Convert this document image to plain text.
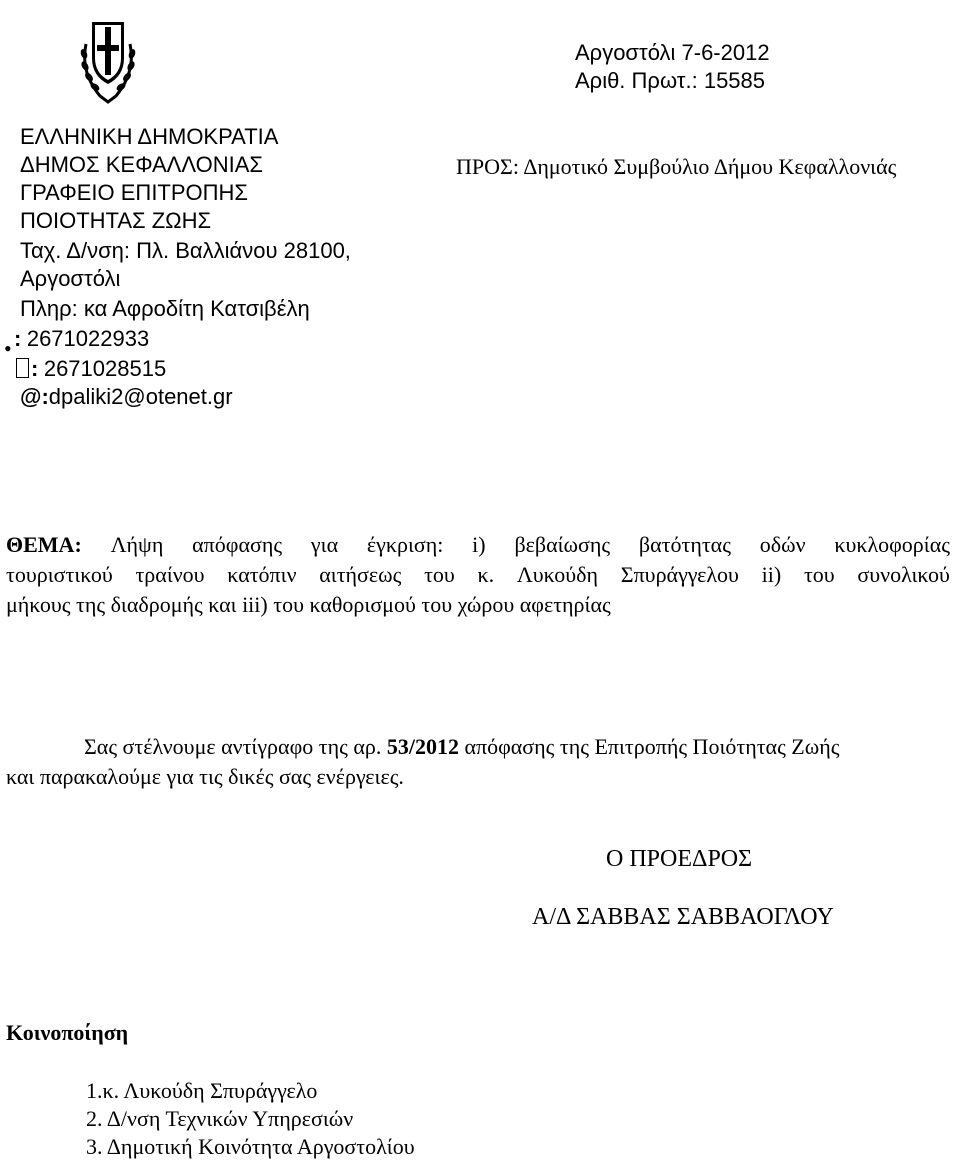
Αργοστόλι 7-6-2012
Αριθ. Πρωτ.: 15585
ΕΛΛΗΝΙΚΗ ΔΗΜΟΚΡΑΤΙΑ
ΔΗΜΟΣ ΚΕΦΑΛΛΟΝΙΑΣ
ΓΡΑΦΕΙΟ ΕΠΙΤΡΟΠΗΣ
ΠΟΙΟΤΗΤΑΣ ΖΩΗΣ
Ταχ. Δ/νση: Πλ. Βαλλιάνου 28100,
Αργοστόλι
Πληρ: κα Αφροδίτη Κατσιβέλη
• : 2671022933
: 2671028515
@:dpaliki2@otenet.gr
ΠΡΟΣ: Δημοτικό Συμβούλιο Δήμου Κεφαλλονιάς
ΘΕΜΑ: Λήψη απόφασης για έγκριση: i) βεβαίωσης βατότητας οδών κυκλοφορίας
τουριστικού τραίνου κατόπιν αιτήσεως του κ. Λυκούδη Σπυράγγελου ii) του συνολικού
μήκους της διαδρομής και iii) του καθορισμού του χώρου αφετηρίας
Σας στέλνουμε αντίγραφο της αρ. 53/2012 απόφασης της Επιτροπής Ποιότητας Ζωής
και παρακαλούμε για τις δικές σας ενέργειες.
Ο ΠΡΟΕΔΡΟΣ
Α/Δ ΣΑΒΒΑΣ ΣΑΒΒΑΟΓΛΟΥ
Κοινοποίηση
1.κ. Λυκούδη Σπυράγγελο
2. Δ/νση Τεχνικών Υπηρεσιών
3. Δημοτική Κοινότητα Αργοστολίου
